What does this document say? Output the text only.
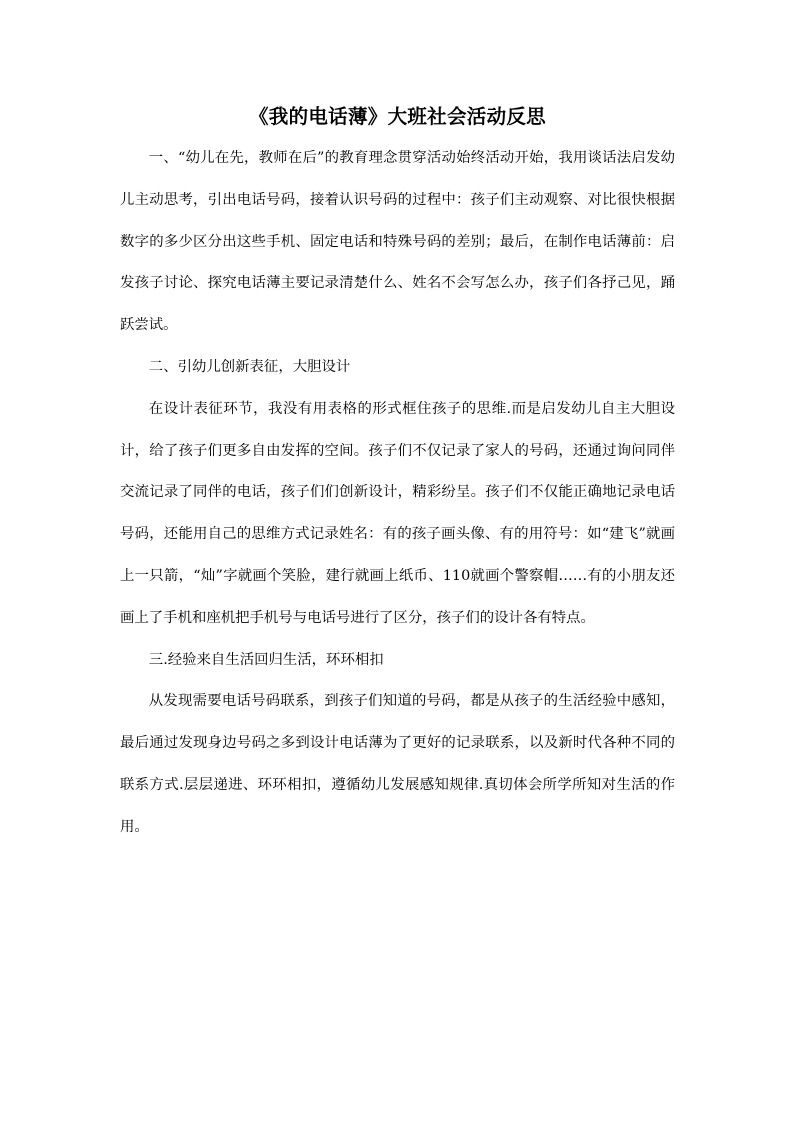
《我的电话薄》大班社会活动反思

一、“幼儿在先，教师在后”的教育理念贯穿活动始终活动开始，我用谈话法启发幼儿主动思考，引出电话号码，接着认识号码的过程中：孩子们主动观察、对比很快根据数字的多少区分出这些手机、固定电话和特殊号码的差别；最后，在制作电话薄前：启发孩子讨论、探究电话薄主要记录清楚什么、姓名不会写怎么办，孩子们各抒己见，踊跃尝试。

二、引幼儿创新表征，大胆设计

在设计表征环节，我没有用表格的形式框住孩子的思维.而是启发幼儿自主大胆设计，给了孩子们更多自由发挥的空间。孩子们不仅记录了家人的号码，还通过询问同伴交流记录了同伴的电话，孩子们们创新设计，精彩纷呈。孩子们不仅能正确地记录电话号码，还能用自己的思维方式记录姓名：有的孩子画头像、有的用符号：如“建飞”就画上一只箭，“灿”字就画个笑脸，建行就画上纸币、110就画个警察帽……有的小朋友还画上了手机和座机把手机号与电话号进行了区分，孩子们的设计各有特点。

三.经验来自生活回归生活，环环相扣

从发现需要电话号码联系，到孩子们知道的号码，都是从孩子的生活经验中感知，最后通过发现身边号码之多到设计电话薄为了更好的记录联系，以及新时代各种不同的联系方式.层层递进、环环相扣，遵循幼儿发展感知规律.真切体会所学所知对生活的作用。
